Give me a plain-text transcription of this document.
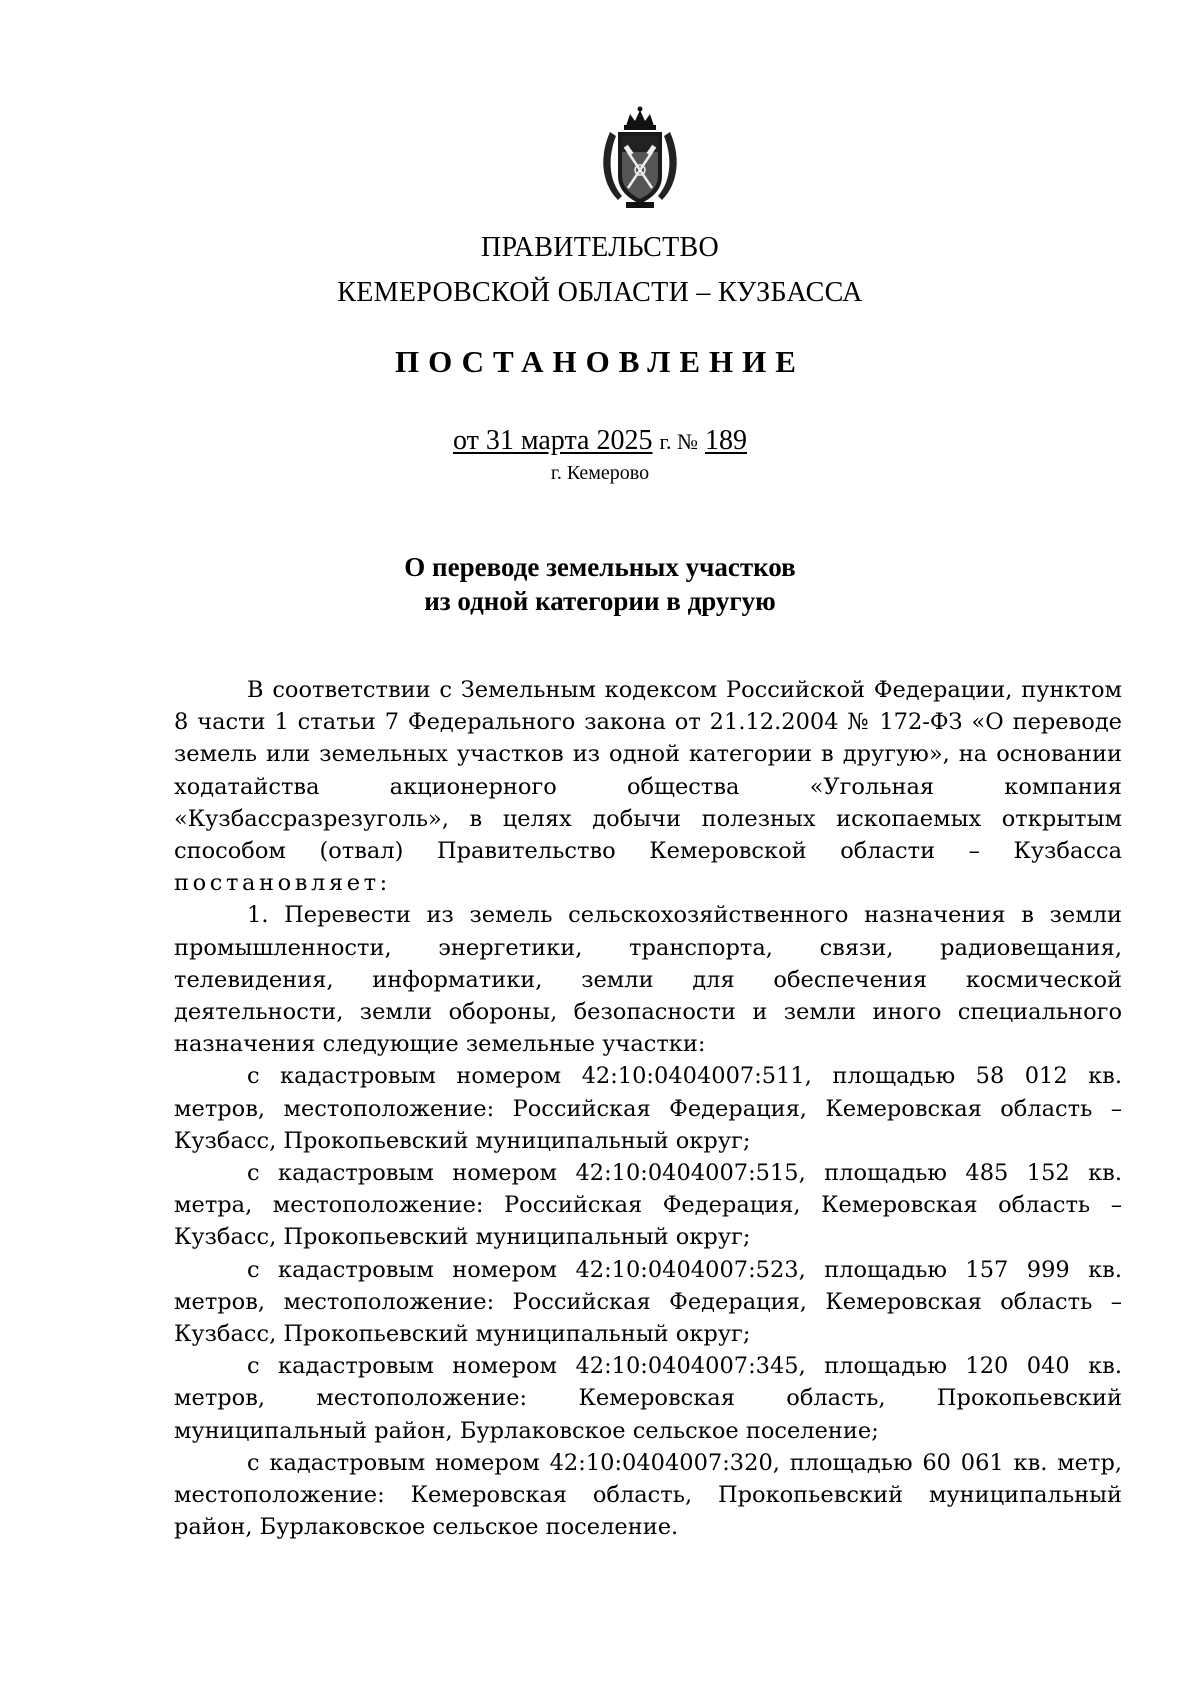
ПРАВИТЕЛЬСТВО
КЕМЕРОВСКОЙ ОБЛАСТИ – КУЗБАССА
ПОСТАНОВЛЕНИЕ
от 31 марта 2025 г. № 189
г. Кемерово
О переводе земельных участков
из одной категории в другую

В соответствии с Земельным кодексом Российской Федерации, пунктом 8 части 1 статьи 7 Федерального закона от 21.12.2004 № 172-ФЗ «О переводе земель или земельных участков из одной категории в другую», на основании ходатайства акционерного общества «Угольная компания «Кузбассразрезуголь», в целях добычи полезных ископаемых открытым способом (отвал) Правительство Кемеровской области – Кузбасса постановляет:

1. Перевести из земель сельскохозяйственного назначения в земли промышленности, энергетики, транспорта, связи, радиовещания, телевидения, информатики, земли для обеспечения космической деятельности, земли обороны, безопасности и земли иного специального назначения следующие земельные участки:

с кадастровым номером 42:10:0404007:511, площадью 58 012 кв. метров, местоположение: Российская Федерация, Кемеровская область – Кузбасс, Прокопьевский муниципальный округ;

с кадастровым номером 42:10:0404007:515, площадью 485 152 кв. метра, местоположение: Российская Федерация, Кемеровская область – Кузбасс, Прокопьевский муниципальный округ;

с кадастровым номером 42:10:0404007:523, площадью 157 999 кв. метров, местоположение: Российская Федерация, Кемеровская область – Кузбасс, Прокопьевский муниципальный округ;

с кадастровым номером 42:10:0404007:345, площадью 120 040 кв. метров, местоположение: Кемеровская область, Прокопьевский муниципальный район, Бурлаковское сельское поселение;

с кадастровым номером 42:10:0404007:320, площадью 60 061 кв. метр, местоположение: Кемеровская область, Прокопьевский муниципальный район, Бурлаковское сельское поселение.
